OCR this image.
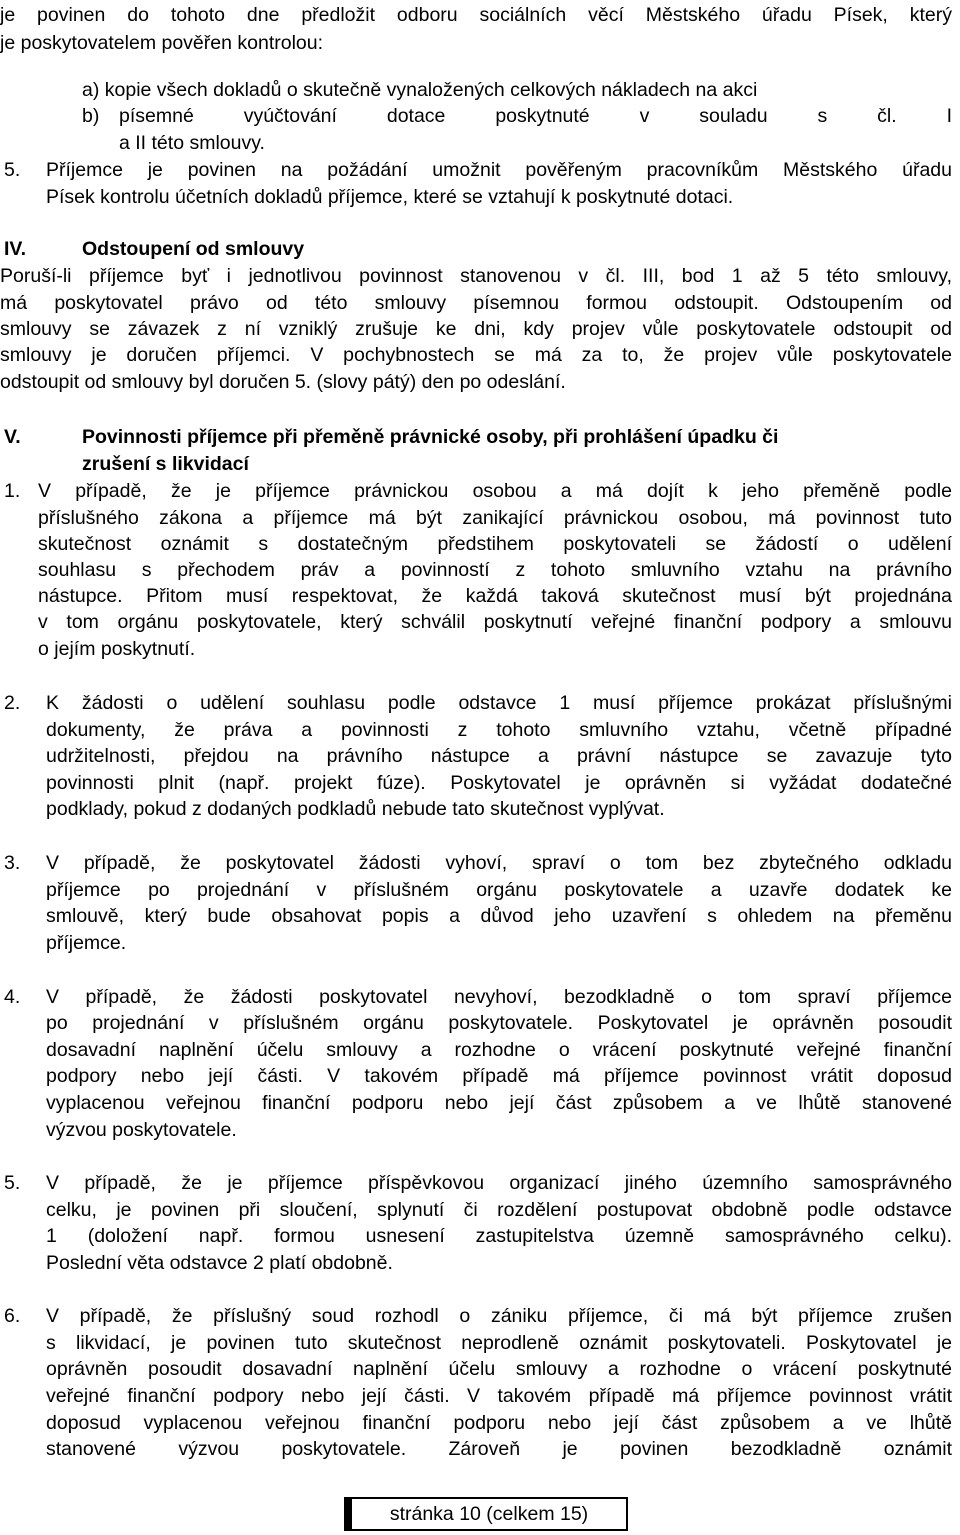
je povinen do tohoto dne předložit odboru sociálních věcí Městského úřadu Písek, který
je poskytovatelem pověřen kontrolou:
a) kopie všech dokladů o skutečně vynaložených celkových nákladech na akci
b) písemné vyúčtování dotace poskytnuté v souladu s čl. I
a II této smlouvy.
5. Příjemce je povinen na požádání umožnit pověřeným pracovníkům Městského úřadu
Písek kontrolu účetních dokladů příjemce, které se vztahují k poskytnuté dotaci.
IV.	Odstoupení od smlouvy
Poruší-li příjemce byť i jednotlivou povinnost stanovenou v čl. III, bod 1 až 5 této smlouvy,
má poskytovatel právo od této smlouvy písemnou formou odstoupit. Odstoupením od
smlouvy se závazek z ní vzniklý zrušuje ke dni, kdy projev vůle poskytovatele odstoupit od
smlouvy je doručen příjemci. V pochybnostech se má za to, že projev vůle poskytovatele
odstoupit od smlouvy byl doručen 5. (slovy pátý) den po odeslání.
V.	Povinnosti příjemce při přeměně právnické osoby, při prohlášení úpadku či
zrušení s likvidací
1. V případě, že je příjemce právnickou osobou a má dojít k jeho přeměně podle
příslušného zákona a příjemce má být zanikající právnickou osobou, má povinnost tuto
skutečnost oznámit s dostatečným předstihem poskytovateli se žádostí o udělení
souhlasu s přechodem práv a povinností z tohoto smluvního vztahu na právního
nástupce. Přitom musí respektovat, že každá taková skutečnost musí být projednána
v tom orgánu poskytovatele, který schválil poskytnutí veřejné finanční podpory a smlouvu
o jejím poskytnutí.
2. K žádosti o udělení souhlasu podle odstavce 1 musí příjemce prokázat příslušnými
dokumenty, že práva a povinnosti z tohoto smluvního vztahu, včetně případné
udržitelnosti, přejdou na právního nástupce a právní nástupce se zavazuje tyto
povinnosti plnit (např. projekt fúze). Poskytovatel je oprávněn si vyžádat dodatečné
podklady, pokud z dodaných podkladů nebude tato skutečnost vyplývat.
3. V případě, že poskytovatel žádosti vyhoví, spraví o tom bez zbytečného odkladu
příjemce po projednání v příslušném orgánu poskytovatele a uzavře dodatek ke
smlouvě, který bude obsahovat popis a důvod jeho uzavření s ohledem na přeměnu
příjemce.
4. V případě, že žádosti poskytovatel nevyhoví, bezodkladně o tom spraví příjemce
po projednání v příslušném orgánu poskytovatele. Poskytovatel je oprávněn posoudit
dosavadní naplnění účelu smlouvy a rozhodne o vrácení poskytnuté veřejné finanční
podpory nebo její části. V takovém případě má příjemce povinnost vrátit doposud
vyplacenou veřejnou finanční podporu nebo její část způsobem a ve lhůtě stanovené
výzvou poskytovatele.
5. V případě, že je příjemce příspěvkovou organizací jiného územního samosprávného
celku, je povinen při sloučení, splynutí či rozdělení postupovat obdobně podle odstavce
1 (doložení např. formou usnesení zastupitelstva územně samosprávného celku).
Poslední věta odstavce 2 platí obdobně.
6. V případě, že příslušný soud rozhodl o zániku příjemce, či má být příjemce zrušen
s likvidací, je povinen tuto skutečnost neprodleně oznámit poskytovateli. Poskytovatel je
oprávněn posoudit dosavadní naplnění účelu smlouvy a rozhodne o vrácení poskytnuté
veřejné finanční podpory nebo její části. V takovém případě má příjemce povinnost vrátit
doposud vyplacenou veřejnou finanční podporu nebo její část způsobem a ve lhůtě
stanovené výzvou poskytovatele. Zároveň je povinen bezodkladně oznámit
stránka 10 (celkem 15)
